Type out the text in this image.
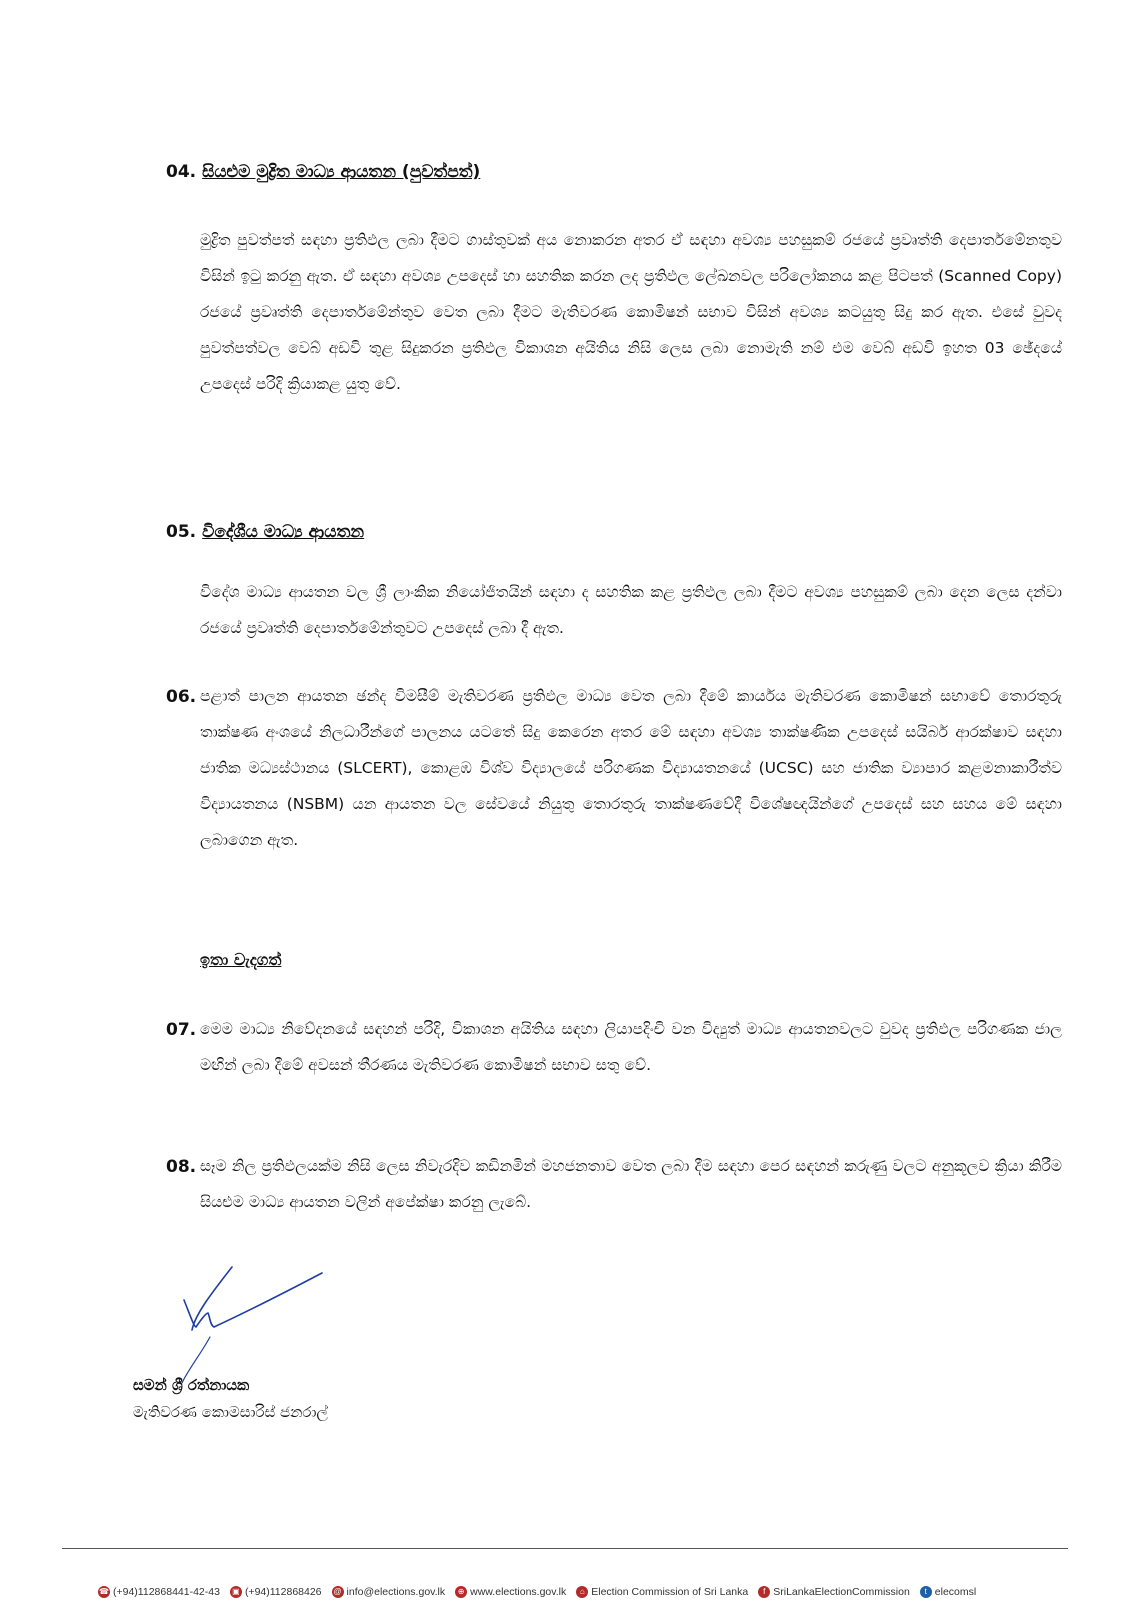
04. සියළුම මුද්‍රිත මාධ්‍ය ආයතන (පුවත්පත්)
මුද්‍රිත පුවත්පත් සඳහා ප්‍රතිඵල ලබා දීමට ගාස්තුවක් අය නොකරන අතර ඒ සඳහා අවශ්‍ය පහසුකම් රජයේ ප්‍රවෘත්ති දෙපාර්තමේනතුව විසින් ඉටු කරනු ඇත. ඒ සඳහා අවශ්‍ය උපදෙස් හා සහතික කරන ලද ප්‍රතිඵල ලේඛනවල පරිලෝකනය කළ පිටපත් (Scanned Copy) රජයේ ප්‍රවෘත්ති දෙපාර්තමේන්තුව වෙත ලබා දීමට මැතිවරණ කොමිෂන් සභාව විසින් අවශ්‍ය කටයුතු සිදු කර ඇත. එසේ වුවද පුවත්පත්වල වෙබ් අඩවි තුළ සිදුකරන ප්‍රතිඵල විකාශන අයිතිය නිසි ලෙස ලබා නොමැති නම් එම වෙබ් අඩවි ඉහත 03 ඡේදයේ උපදෙස් පරිදි ක්‍රියාකළ යුතු වේ.
05. විදේශීය මාධ්‍ය ආයතන
විදේශ මාධ්‍ය ආයතන වල ශ්‍රී ලාංකික නියෝජිතයින් සඳහා ද සහතික කළ ප්‍රතිඵල ලබා දීමට අවශ්‍ය පහසුකම් ලබා දෙන ලෙස දන්වා රජයේ ප්‍රවෘත්ති දෙපාර්තමේන්තුවට උපදෙස් ලබා දී ඇත.
06. පළාත් පාලන ආයතන ඡන්ද විමසීම් මැතිවරණ ප්‍රතිඵල මාධ්‍ය වෙත ලබා දීමේ කාර්යය මැතිවරණ කොමිෂන් සභාවේ තොරතුරු තාක්ෂණ අංශයේ නිලධාරීන්ගේ පාලනය යටතේ සිදු කෙරෙන අතර මේ සඳහා අවශ්‍ය තාක්ෂණික උපදෙස් සයිබර් ආරක්ෂාව සඳහා ජාතික මධ්‍යස්ථානය (SLCERT), කොළඹ විශ්ව විද්‍යාලයේ පරිගණක විද්‍යායතනයේ (UCSC) සහ ජාතික ව්‍යාපාර කළමනාකාරීත්ව විද්‍යායතනය (NSBM) යන ආයතන වල සේවයේ නියුතු තොරතුරු තාක්ෂණවේදී විශේෂඥයින්ගේ උපදෙස් සහ සහය මේ සඳහා ලබාගෙන ඇත.
ඉතා වැදගත්
07. මෙම මාධ්‍ය නිවේදනයේ සඳහන් පරිදි, විකාශන අයිතිය සඳහා ලියාපදිංචි වන විද්‍යුත් මාධ්‍ය ආයතනවලට වුවද ප්‍රතිඵල පරිගණක ජාල මඟින් ලබා දීමේ අවසන් තීරණය මැතිවරණ කොමිෂන් සභාව සතු වේ.
08. සෑම නිල ප්‍රතිඵලයක්ම නිසි ලෙස නිවැරදිව කඩිනමින් මහජනතාව වෙත ලබා දීම සඳහා පෙර සඳහන් කරුණු වලට අනුකූලව ක්‍රියා කිරීම සියළුම මාධ්‍ය ආයතන වලින් අපේක්ෂා කරනු ලැබේ.
සමන් ශ්‍රී රත්නායක
මැතිවරණ කොමසාරිස් ජනරාල්
☎ (+94)112868441-42-43 ▣ (+94)112868426 @ info@elections.gov.lk	⊕ www.elections.gov.lk	⌂ Election Commission of Sri Lanka	f SriLankaElectionCommission	t elecomsl
